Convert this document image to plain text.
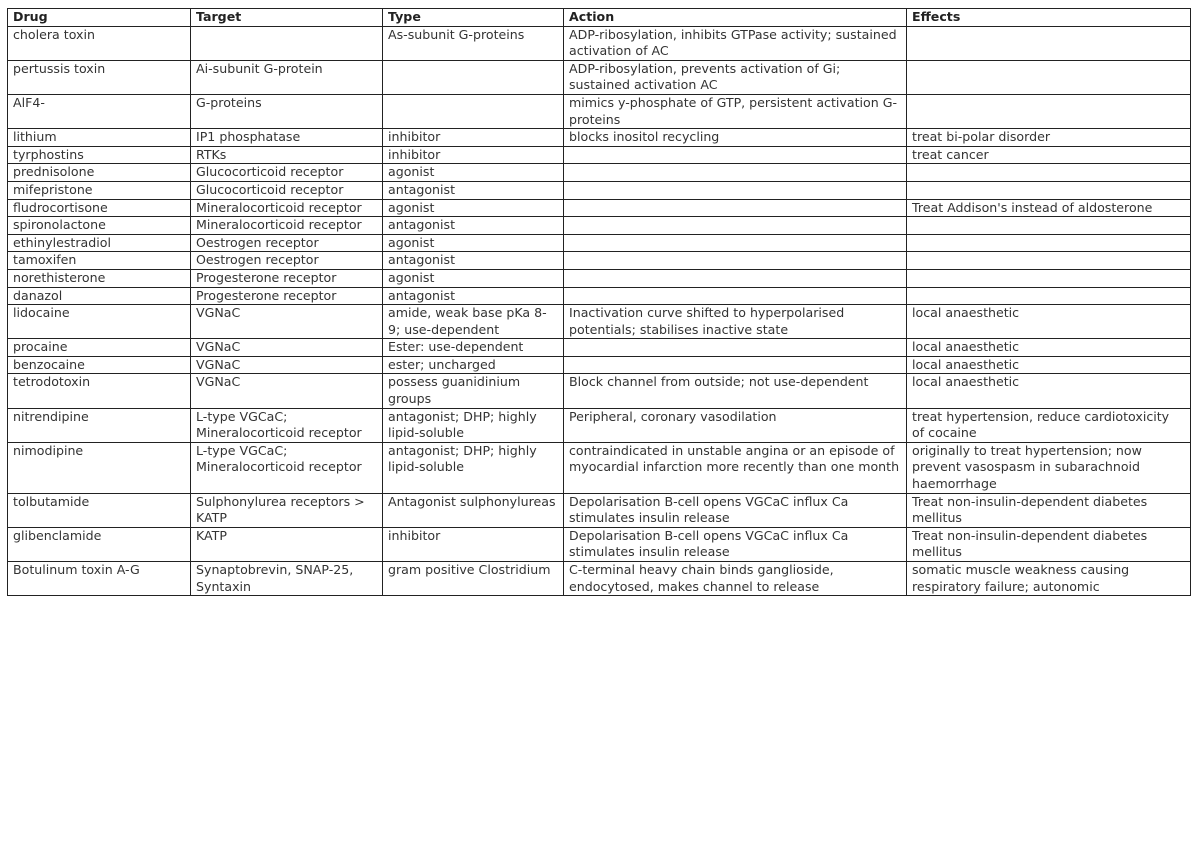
Drug	Target	Type	Action	Effects
cholera toxin		As-subunit G-proteins	ADP-ribosylation, inhibits GTPase activity; sustained activation of AC	
pertussis toxin	Ai-subunit G-protein		ADP-ribosylation, prevents activation of Gi; sustained activation AC	
AlF4-	G-proteins		mimics y-phosphate of GTP, persistent activation G-proteins	
lithium	IP1 phosphatase	inhibitor	blocks inositol recycling	treat bi-polar disorder
tyrphostins	RTKs	inhibitor		treat cancer
prednisolone	Glucocorticoid receptor	agonist		
mifepristone	Glucocorticoid receptor	antagonist		
fludrocortisone	Mineralocorticoid receptor	agonist		Treat Addison's instead of aldosterone
spironolactone	Mineralocorticoid receptor	antagonist		
ethinylestradiol	Oestrogen receptor	agonist		
tamoxifen	Oestrogen receptor	antagonist		
norethisterone	Progesterone receptor	agonist		
danazol	Progesterone receptor	antagonist		
lidocaine	VGNaC	amide, weak base pKa 8-9; use-dependent	Inactivation curve shifted to hyperpolarised potentials; stabilises inactive state	local anaesthetic
procaine	VGNaC	Ester: use-dependent		local anaesthetic
benzocaine	VGNaC	ester; uncharged		local anaesthetic
tetrodotoxin	VGNaC	possess guanidinium groups	Block channel from outside; not use-dependent	local anaesthetic
nitrendipine	L-type VGCaC; Mineralocorticoid receptor	antagonist; DHP; highly lipid-soluble	Peripheral, coronary vasodilation	treat hypertension, reduce cardiotoxicity of cocaine
nimodipine	L-type VGCaC; Mineralocorticoid receptor	antagonist; DHP; highly lipid-soluble	contraindicated in unstable angina or an episode of myocardial infarction more recently than one month	originally to treat hypertension; now prevent vasospasm in subarachnoid haemorrhage
tolbutamide	Sulphonylurea receptors > KATP	Antagonist sulphonylureas	Depolarisation B-cell opens VGCaC influx Ca stimulates insulin release	Treat non-insulin-dependent diabetes mellitus
glibenclamide	KATP	inhibitor	Depolarisation B-cell opens VGCaC influx Ca stimulates insulin release	Treat non-insulin-dependent diabetes mellitus
Botulinum toxin A-G	Synaptobrevin, SNAP-25, Syntaxin	gram positive Clostridium	C-terminal heavy chain binds ganglioside, endocytosed, makes channel to release	somatic muscle weakness causing respiratory failure; autonomic
